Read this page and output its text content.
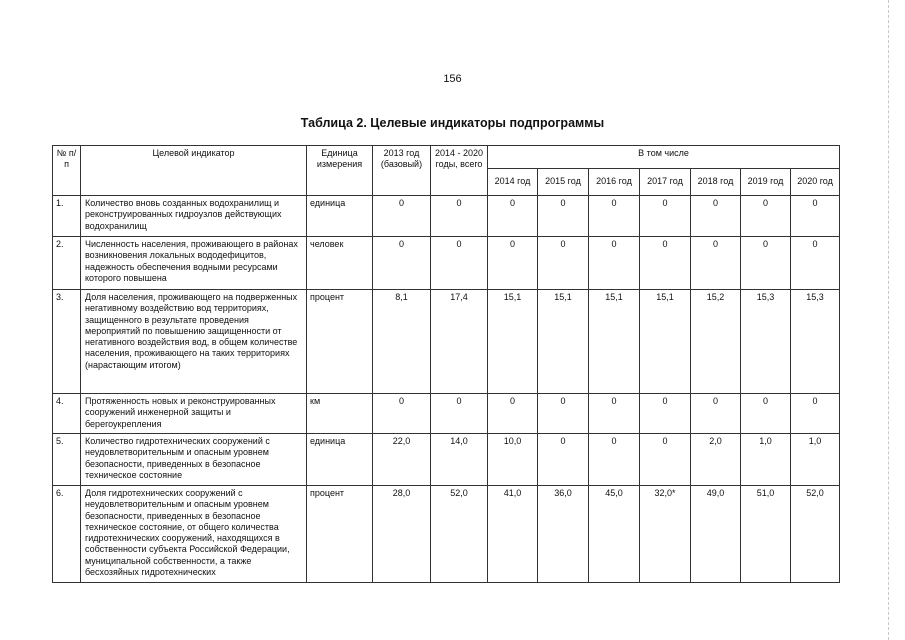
156
Таблица 2. Целевые индикаторы подпрограммы
№ п/п	Целевой индикатор	Единица измерения	2013 год (базовый)	2014 - 2020 годы, всего	В том числе						
					2014 год	2015 год	2016 год	2017 год	2018 год	2019 год	2020 год
1.	Количество вновь созданных водохранилищ и реконструированных гидроузлов действующих водохранилищ	единица	0	0	0	0	0	0	0	0	0
2.	Численность населения, проживающего в районах возникновения локальных вододефицитов, надежность обеспечения водными ресурсами которого повышена	человек	0	0	0	0	0	0	0	0	0
3.	Доля населения, проживающего на подверженных негативному воздействию вод территориях, защищенного в результате проведения мероприятий по повышению защищенности от негативного воздействия вод, в общем количестве населения, проживающего на таких территориях (нарастающим итогом)	процент	8,1	17,4	15,1	15,1	15,1	15,1	15,2	15,3	15,3
4.	Протяженность новых и реконструированных сооружений инженерной защиты и берегоукрепления	км	0	0	0	0	0	0	0	0	0
5.	Количество гидротехнических сооружений с неудовлетворительным и опасным уровнем безопасности, приведенных в безопасное техническое состояние	единица	22,0	14,0	10,0	0	0	0	2,0	1,0	1,0
6.	Доля гидротехнических сооружений с неудовлетворительным и опасным уровнем безопасности, приведенных в безопасное техническое состояние, от общего количества гидротехнических сооружений, находящихся в собственности субъекта Российской Федерации, муниципальной собственности, а также бесхозяйных гидротехнических	процент	28,0	52,0	41,0	36,0	45,0	32,0*	49,0	51,0	52,0
